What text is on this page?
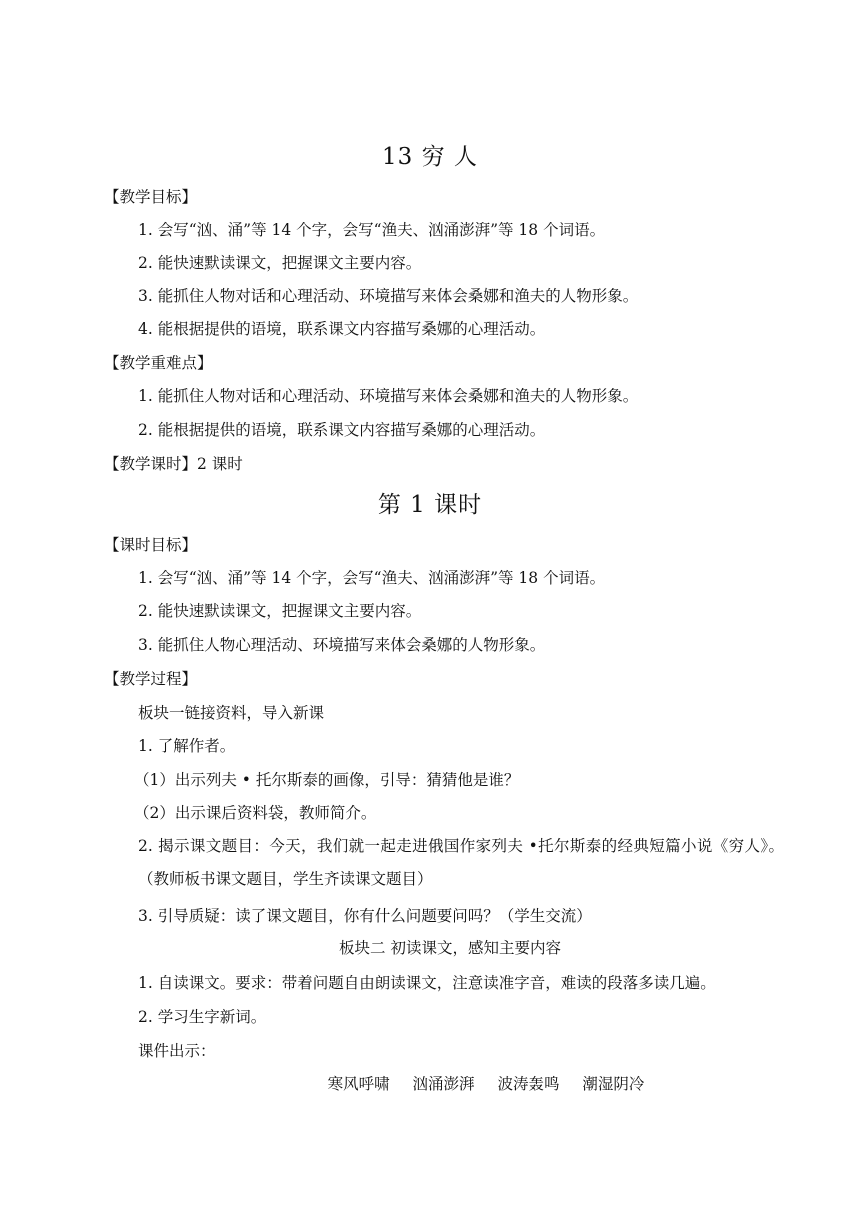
13 穷 人
【教学目标】
1. 会写“汹、涌”等 14 个字，会写“渔夫、汹涌澎湃”等 18 个词语。
2. 能快速默读课文，把握课文主要内容。
3. 能抓住人物对话和心理活动、环境描写来体会桑娜和渔夫的人物形象。
4. 能根据提供的语境，联系课文内容描写桑娜的心理活动。
【教学重难点】
1. 能抓住人物对话和心理活动、环境描写来体会桑娜和渔夫的人物形象。
2. 能根据提供的语境，联系课文内容描写桑娜的心理活动。
【教学课时】2 课时
第 1 课时
【课时目标】
1. 会写“汹、涌”等 14 个字，会写“渔夫、汹涌澎湃”等 18 个词语。
2. 能快速默读课文，把握课文主要内容。
3. 能抓住人物心理活动、环境描写来体会桑娜的人物形象。
【教学过程】
板块一链接资料，导入新课
1. 了解作者。
（1）出示列夫 • 托尔斯泰的画像，引导：猜猜他是谁？
（2）出示课后资料袋，教师简介。
2. 揭示课文题目：今天，我们就一起走进俄国作家列夫 •托尔斯泰的经典短篇小说《穷人》。（教师板书课文题目，学生齐读课文题目）
3. 引导质疑：读了课文题目，你有什么问题要问吗？（学生交流）
板块二 初读课文，感知主要内容
1. 自读课文。要求：带着问题自由朗读课文，注意读准字音，难读的段落多读几遍。
2. 学习生字新词。
课件出示：
寒风呼啸 汹涌澎湃 波涛轰鸣 潮湿阴冷
